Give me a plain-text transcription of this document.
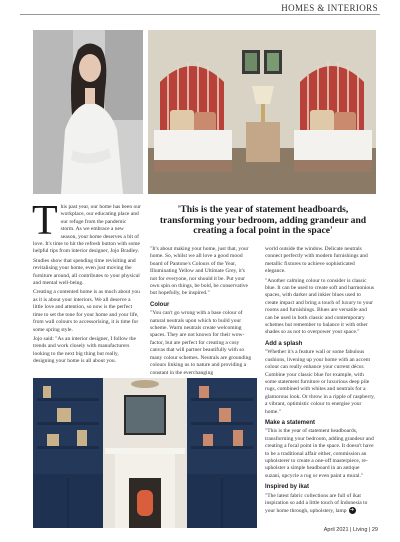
HOMES & INTERIORS
T his past year, our home has been our workplace, our educating place and our refuge from the pandemic storm. As we embrace a new season, your home deserves a bit of love. It's time to hit the refresh button with some helpful tips from interior designer, Jojo Bradley.

Studies show that spending time revisiting and revitalising your home, even just moving the furniture around, all contributes to your physical and mental well-being.

Creating a contented home is as much about you as it is about your interiors. We all deserve a little love and attention, so now is the perfect time to set the tone for your home and your life, from wall colours to accessorising, it is time for some spring style.

Jojo said: "As an interior designer, I follow the trends and work closely with manufacturers looking to the next big thing but really, designing your home is all about you.

'This is the year of statement headboards, transforming your bedroom, adding grandeur and creating a focal point in the space'

"It's about making your home, just that, your home. So, whilst we all love a good mood board of Pantone's Colours of the Year, Illuminating Yellow and Ultimate Grey, it's not for everyone, nor should it be. Put your own spin on things, be bold, be conservative but hopefully, be inspired."

Colour

"You can't go wrong with a base colour of natural neutrals upon which to build your scheme. Warm neutrals create welcoming spaces. They are not known for their wow-factor, but are perfect for creating a cosy canvas that will partner beautifully with so many colour schemes. Neutrals are grounding colours linking us to nature and providing a constant in the everchanging

world outside the window. Delicate neutrals connect perfectly with modern furnishings and metallic fixtures to achieve sophisticated elegance.

"Another calming colour to consider is classic blue. It can be used to create soft and harmonious spaces, with darker and inkier blues used to create impact and bring a touch of luxury to your rooms and furnishings. Blues are versatile and can be used in both classic and contemporary schemes but remember to balance it with other shades so as not to overpower your space."

Add a splash

"Whether it's a feature wall or some fabulous cushions, livening up your home with an accent colour can really enhance your current décor. Combine your classic blue for example, with some statement furniture or luxurious deep pile rugs, combined with whites and neutrals for a glamorous look. Or throw in a ripple of raspberry, a vibrant, optimistic colour to energise your home."

Make a statement

"This is the year of statement headboards, transforming your bedroom, adding grandeur and creating a focal point in the space. It doesn't have to be a traditional affair either, commission an upholsterer to create a one-off masterpiece, re-upholster a simple headboard in an antique suzani, upcycle a rug or even paint a mural."

Inspired by ikat

"The latest fabric collections are full of ikat inspiration so add a little touch of Indonesia to your home through, upholstery, lamp ➜

April 2021 | Living | 29
